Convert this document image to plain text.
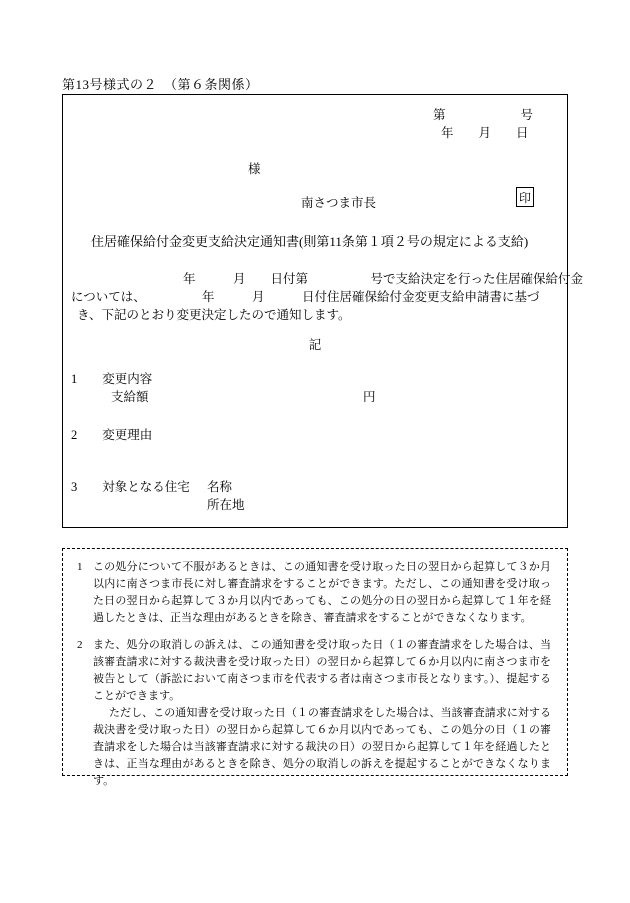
第13号様式の２　（第６条関係）
第　　　　　　号
年　　月　　日
様
南さつま市長	印
住居確保給付金変更支給決定通知書(則第11条第１項２号の規定による支給)
　　　　年　　　月　　日付第　　　　　号で支給決定を行った住居確保給付金
については、　　　　　年　　　月　　　日付住居確保給付金変更支給申請書に基づ
き、下記のとおり変更決定したので通知します。
記
1　　 変更内容
支給額	円
2　　 変更理由
3　　 対象となる住宅 名称
所在地
1 この処分について不服があるときは、この通知書を受け取った日の翌日から起算して３か月以内に南さつま市長に対し審査請求をすることができます。ただし、この通知書を受け取った日の翌日から起算して３か月以内であっても、この処分の日の翌日から起算して１年を経過したときは、正当な理由があるときを除き、審査請求をすることができなくなります。
2 また、処分の取消しの訴えは、この通知書を受け取った日（１の審査請求をした場合は、当該審査請求に対する裁決書を受け取った日）の翌日から起算して６か月以内に南さつま市を被告として（訴訟において南さつま市を代表する者は南さつま市長となります。）、提起することができます。
ただし、この通知書を受け取った日（１の審査請求をした場合は、当該審査請求に対する裁決書を受け取った日）の翌日から起算して６か月以内であっても、この処分の日（１の審査請求をした場合は当該審査請求に対する裁決の日）の翌日から起算して１年を経過したときは、正当な理由があるときを除き、処分の取消しの訴えを提起することができなくなります。
